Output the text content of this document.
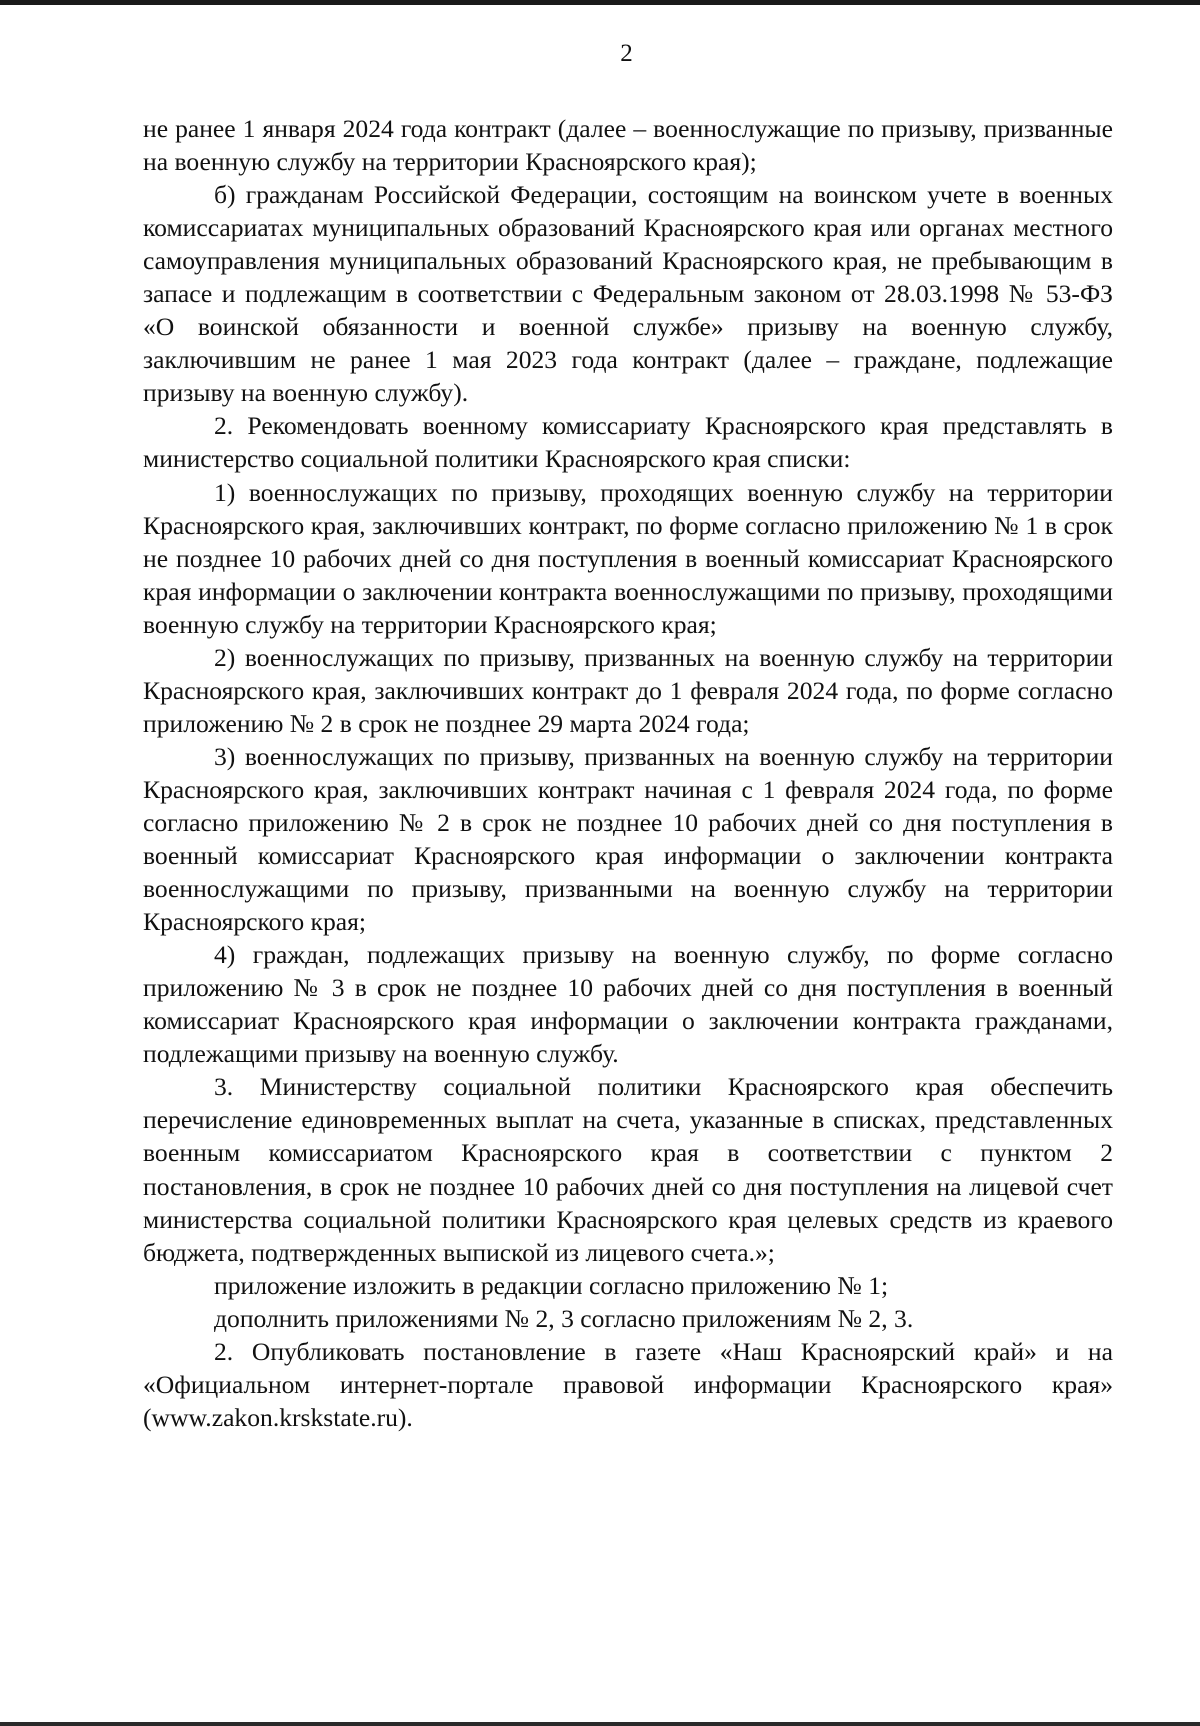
2

не ранее 1 января 2024 года контракт (далее – военнослужащие по призыву, призванные на военную службу на территории Красноярского края);

б) гражданам Российской Федерации, состоящим на воинском учете в военных комиссариатах муниципальных образований Красноярского края или органах местного самоуправления муниципальных образований Красноярского края, не пребывающим в запасе и подлежащим в соответствии с Федеральным законом от 28.03.1998 № 53-ФЗ «О воинской обязанности и военной службе» призыву на военную службу, заключившим не ранее 1 мая 2023 года контракт (далее – граждане, подлежащие призыву на военную службу).

2. Рекомендовать военному комиссариату Красноярского края представлять в министерство социальной политики Красноярского края списки:

1) военнослужащих по призыву, проходящих военную службу на территории Красноярского края, заключивших контракт, по форме согласно приложению № 1 в срок не позднее 10 рабочих дней со дня поступления в военный комиссариат Красноярского края информации о заключении контракта военнослужащими по призыву, проходящими военную службу на территории Красноярского края;

2) военнослужащих по призыву, призванных на военную службу на территории Красноярского края, заключивших контракт до 1 февраля 2024 года, по форме согласно приложению № 2 в срок не позднее 29 марта 2024 года;

3) военнослужащих по призыву, призванных на военную службу на территории Красноярского края, заключивших контракт начиная с 1 февраля 2024 года, по форме согласно приложению № 2 в срок не позднее 10 рабочих дней со дня поступления в военный комиссариат Красноярского края информации о заключении контракта военнослужащими по призыву, призванными на военную службу на территории Красноярского края;

4) граждан, подлежащих призыву на военную службу, по форме согласно приложению № 3 в срок не позднее 10 рабочих дней со дня поступления в военный комиссариат Красноярского края информации о заключении контракта гражданами, подлежащими призыву на военную службу.

3. Министерству социальной политики Красноярского края обеспечить перечисление единовременных выплат на счета, указанные в списках, представленных военным комиссариатом Красноярского края в соответствии с пунктом 2 постановления, в срок не позднее 10 рабочих дней со дня поступления на лицевой счет министерства социальной политики Красноярского края целевых средств из краевого бюджета, подтвержденных выпиской из лицевого счета.»;

приложение изложить в редакции согласно приложению № 1;

дополнить приложениями № 2, 3 согласно приложениям № 2, 3.

2. Опубликовать постановление в газете «Наш Красноярский край» и на «Официальном интернет-портале правовой информации Красноярского края» (www.zakon.krskstate.ru).
